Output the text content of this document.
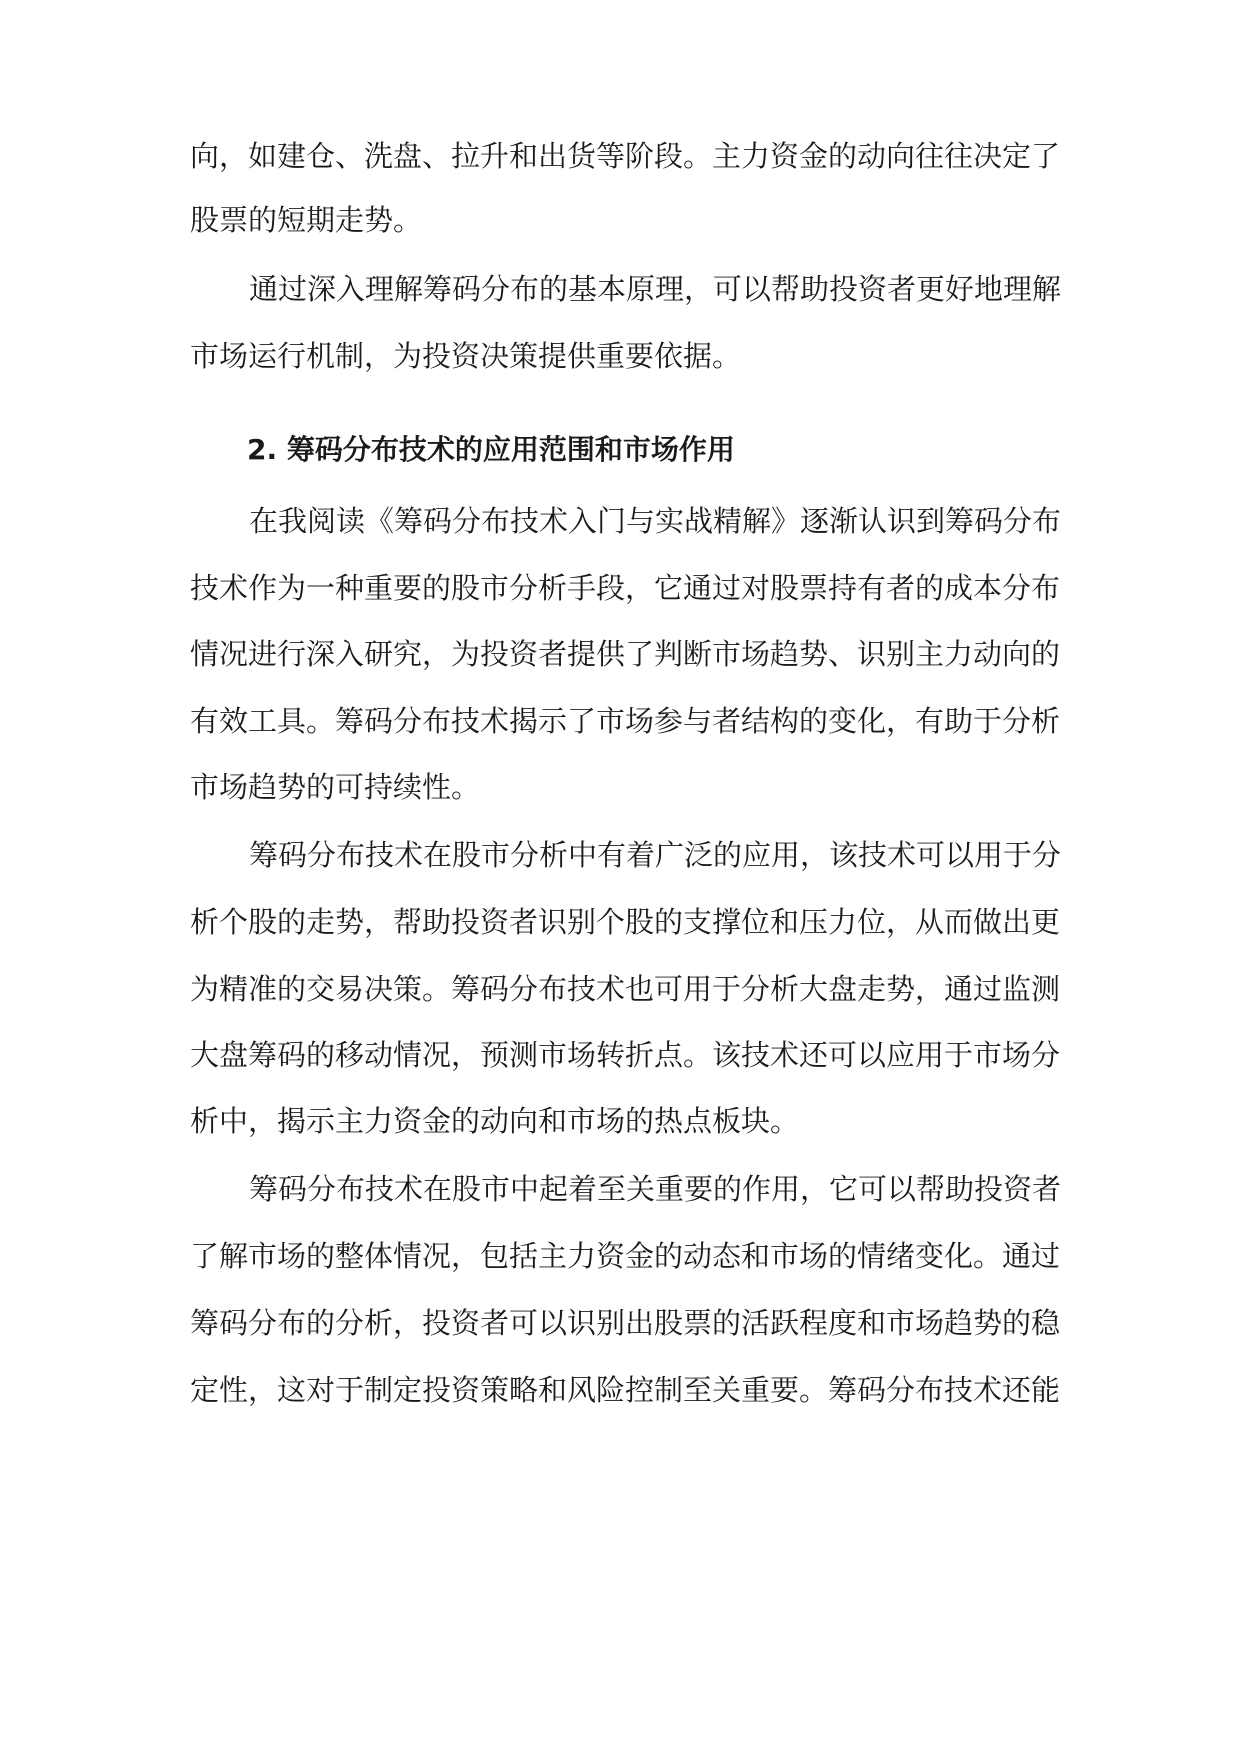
向，如建仓、洗盘、拉升和出货等阶段。主力资金的动向往往决定了
股票的短期走势。
通过深入理解筹码分布的基本原理，可以帮助投资者更好地理解
市场运行机制，为投资决策提供重要依据。
2. 筹码分布技术的应用范围和市场作用
在我阅读《筹码分布技术入门与实战精解》逐渐认识到筹码分布
技术作为一种重要的股市分析手段，它通过对股票持有者的成本分布
情况进行深入研究，为投资者提供了判断市场趋势、识别主力动向的
有效工具。筹码分布技术揭示了市场参与者结构的变化，有助于分析
市场趋势的可持续性。
筹码分布技术在股市分析中有着广泛的应用，该技术可以用于分
析个股的走势，帮助投资者识别个股的支撑位和压力位，从而做出更
为精准的交易决策。筹码分布技术也可用于分析大盘走势，通过监测
大盘筹码的移动情况，预测市场转折点。该技术还可以应用于市场分
析中，揭示主力资金的动向和市场的热点板块。
筹码分布技术在股市中起着至关重要的作用，它可以帮助投资者
了解市场的整体情况，包括主力资金的动态和市场的情绪变化。通过
筹码分布的分析，投资者可以识别出股票的活跃程度和市场趋势的稳
定性，这对于制定投资策略和风险控制至关重要。筹码分布技术还能
